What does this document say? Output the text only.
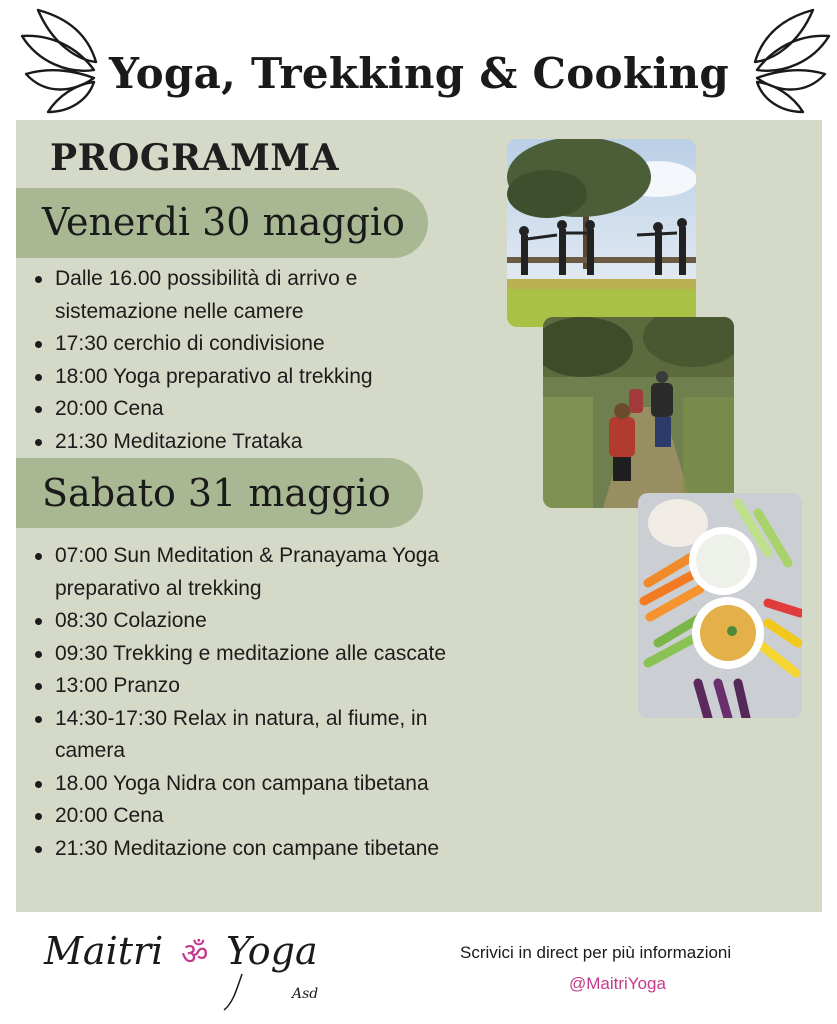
Yoga, Trekking & Cooking
PROGRAMMA
Venerdi 30 maggio
Dalle 16.00 possibilità di arrivo e sistemazione nelle camere
17:30 cerchio di condivisione
18:00 Yoga preparativo al trekking
20:00 Cena
21:30 Meditazione Trataka
Sabato 31 maggio
07:00 Sun Meditation & Pranayama Yoga preparativo al trekking
08:30 Colazione
09:30 Trekking e meditazione alle cascate
13:00 Pranzo
14:30-17:30 Relax in natura, al fiume, in camera
18.00 Yoga Nidra con campana tibetana
20:00 Cena
21:30 Meditazione con campane tibetane
Maitri ॐ Yoga
Asd
Scrivici in direct per più informazioni
@MaitriYoga
